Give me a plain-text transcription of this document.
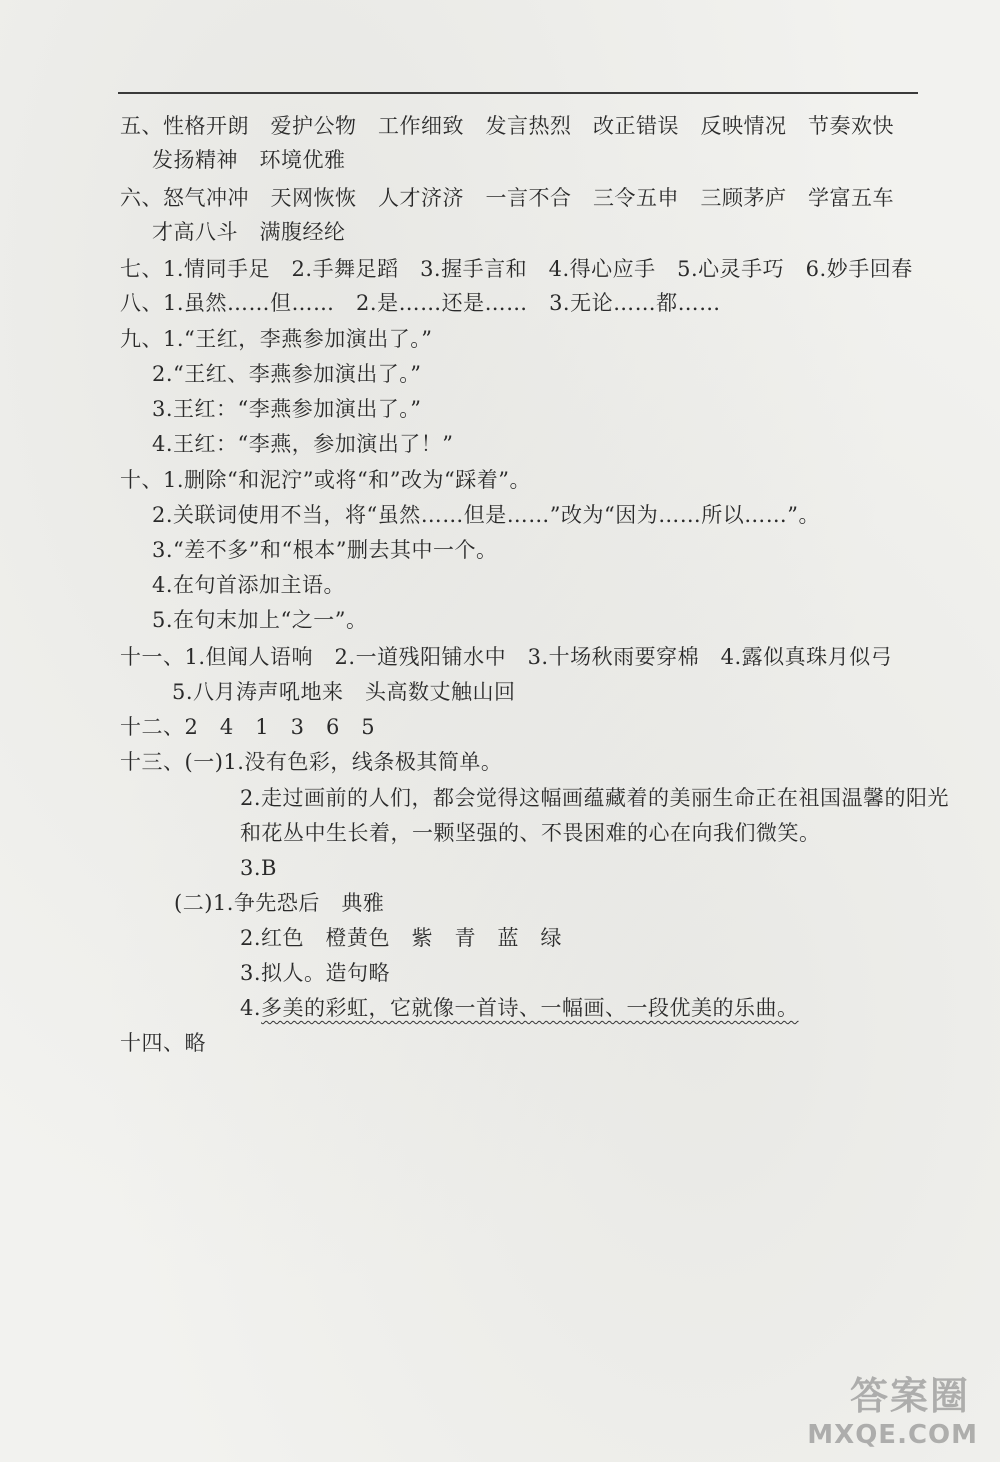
五、性格开朗　爱护公物　工作细致　发言热烈　改正错误　反映情况　节奏欢快
发扬精神　环境优雅
六、怒气冲冲　天网恢恢　人才济济　一言不合　三令五申　三顾茅庐　学富五车
才高八斗　满腹经纶
七、1.情同手足　2.手舞足蹈　3.握手言和　4.得心应手　5.心灵手巧　6.妙手回春
八、1.虽然……但……　2.是……还是……　3.无论……都……
九、1.“王红，李燕参加演出了。”
2.“王红、李燕参加演出了。”
3.王红：“李燕参加演出了。”
4.王红：“李燕，参加演出了！”
十、1.删除“和泥泞”或将“和”改为“踩着”。
2.关联词使用不当，将“虽然……但是……”改为“因为……所以……”。
3.“差不多”和“根本”删去其中一个。
4.在句首添加主语。
5.在句末加上“之一”。
十一、1.但闻人语响　2.一道残阳铺水中　3.十场秋雨要穿棉　4.露似真珠月似弓
5.八月涛声吼地来　头高数丈触山回
十二、2　4　1　3　6　5
十三、(一)1.没有色彩，线条极其简单。
2.走过画前的人们，都会觉得这幅画蕴藏着的美丽生命正在祖国温馨的阳光
和花丛中生长着，一颗坚强的、不畏困难的心在向我们微笑。
3.B
(二)1.争先恐后　典雅
2.红色　橙黄色　紫　青　蓝　绿
3.拟人。造句略
4.多美的彩虹，它就像一首诗、一幅画、一段优美的乐曲。
十四、略
答案圈
MXQE.COM
